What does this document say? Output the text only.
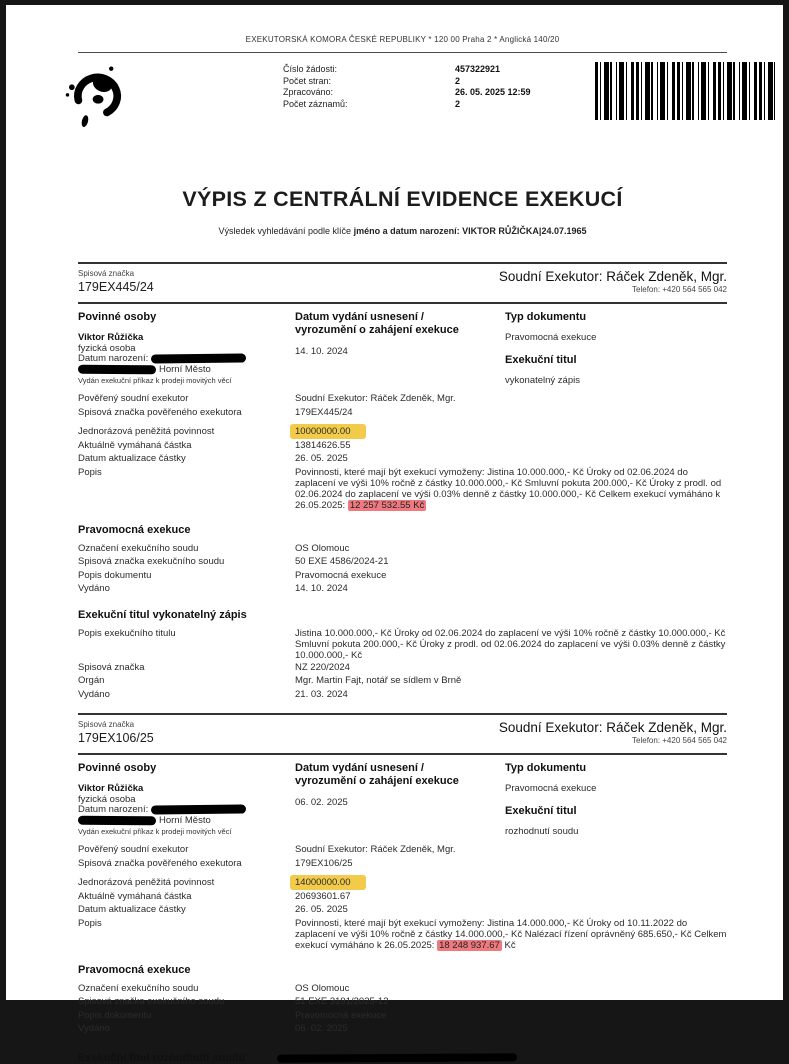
EXEKUTORSKÁ KOMORA ČESKÉ REPUBLIKY * 120 00 Praha 2 * Anglická 140/20
Číslo žádosti:	457322921
Počet stran:	2
Zpracováno:	26. 05. 2025 12:59
Počet záznamů:	2
VÝPIS Z CENTRÁLNÍ EVIDENCE EXEKUCÍ

Výsledek vyhledávání podle klíče jméno a datum narození: VIKTOR RŮŽIČKA|24.07.1965

Spisová značka
179EX445/24
Soudní Exekutor: Ráček Zdeněk, Mgr.
Telefon: +420 564 565 042
Povinné osoby
Viktor Růžička
fyzická osoba
Datum narození:
Horní Město
Vydán exekuční příkaz k prodeji movitých věcí
Datum vydání usnesení / vyrozumění o zahájení exekuce
14. 10. 2024
Typ dokumentu
Pravomocná exekuce
Exekuční titul
vykonatelný zápis
Pověřený soudní exekutor	Soudní Exekutor: Ráček Zdeněk, Mgr.
Spisová značka pověřeného exekutora	179EX445/24
Jednorázová peněžitá povinnost	10000000.00
Aktuálně vymáhaná částka	13814626.55
Datum aktualizace částky	26. 05. 2025
Popis	Povinnosti, které mají být exekucí vymoženy: Jistina 10.000.000,- Kč Úroky od 02.06.2024 do zaplacení ve výši 10% ročně z částky 10.000.000,- Kč Smluvní pokuta 200.000,- Kč Úroky z prodl. od 02.06.2024 do zaplacení ve výši 0.03% denně z částky 10.000.000,- Kč Celkem exekucí vymáháno k 26.05.2025: 12 257 532.55 Kč
Pravomocná exekuce
Označení exekučního soudu	OS Olomouc
Spisová značka exekučního soudu	50 EXE 4586/2024-21
Popis dokumentu	Pravomocná exekuce
Vydáno	14. 10. 2024
Exekuční titul vykonatelný zápis
Popis exekučního titulu	Jistina 10.000.000,- Kč Úroky od 02.06.2024 do zaplacení ve výši 10% ročně z částky 10.000.000,- Kč Smluvní pokuta 200.000,- Kč Úroky z prodl. od 02.06.2024 do zaplacení ve výši 0.03% denně z částky 10.000.000,- Kč
Spisová značka	NZ 220/2024
Orgán	Mgr. Martin Fajt, notář se sídlem v Brně
Vydáno	21. 03. 2024
Spisová značka
179EX106/25
Soudní Exekutor: Ráček Zdeněk, Mgr.
Telefon: +420 564 565 042
Povinné osoby
Viktor Růžička
fyzická osoba
Datum narození:
Horní Město
Vydán exekuční příkaz k prodeji movitých věcí
Datum vydání usnesení / vyrozumění o zahájení exekuce
06. 02. 2025
Typ dokumentu
Pravomocná exekuce
Exekuční titul
rozhodnutí soudu
Pověřený soudní exekutor	Soudní Exekutor: Ráček Zdeněk, Mgr.
Spisová značka pověřeného exekutora	179EX106/25
Jednorázová peněžitá povinnost	14000000.00
Aktuálně vymáhaná částka	20693601.67
Datum aktualizace částky	26. 05. 2025
Popis	Povinnosti, které mají být exekucí vymoženy: Jistina 14.000.000,- Kč Úroky od 10.11.2022 do zaplacení ve výši 10% ročně z částky 14.000.000,- Kč Nalézací řízení oprávněný 685.650,- Kč Celkem exekucí vymáháno k 26.05.2025: 18 248 937.67 Kč
Pravomocná exekuce
Označení exekučního soudu	OS Olomouc
Spisová značka exekučního soudu	51 EXE 3191/2025-12
Popis dokumentu	Pravomocná exekuce
Vydáno	06. 02. 2025
Exekuční titul rozhodnutí soudu
